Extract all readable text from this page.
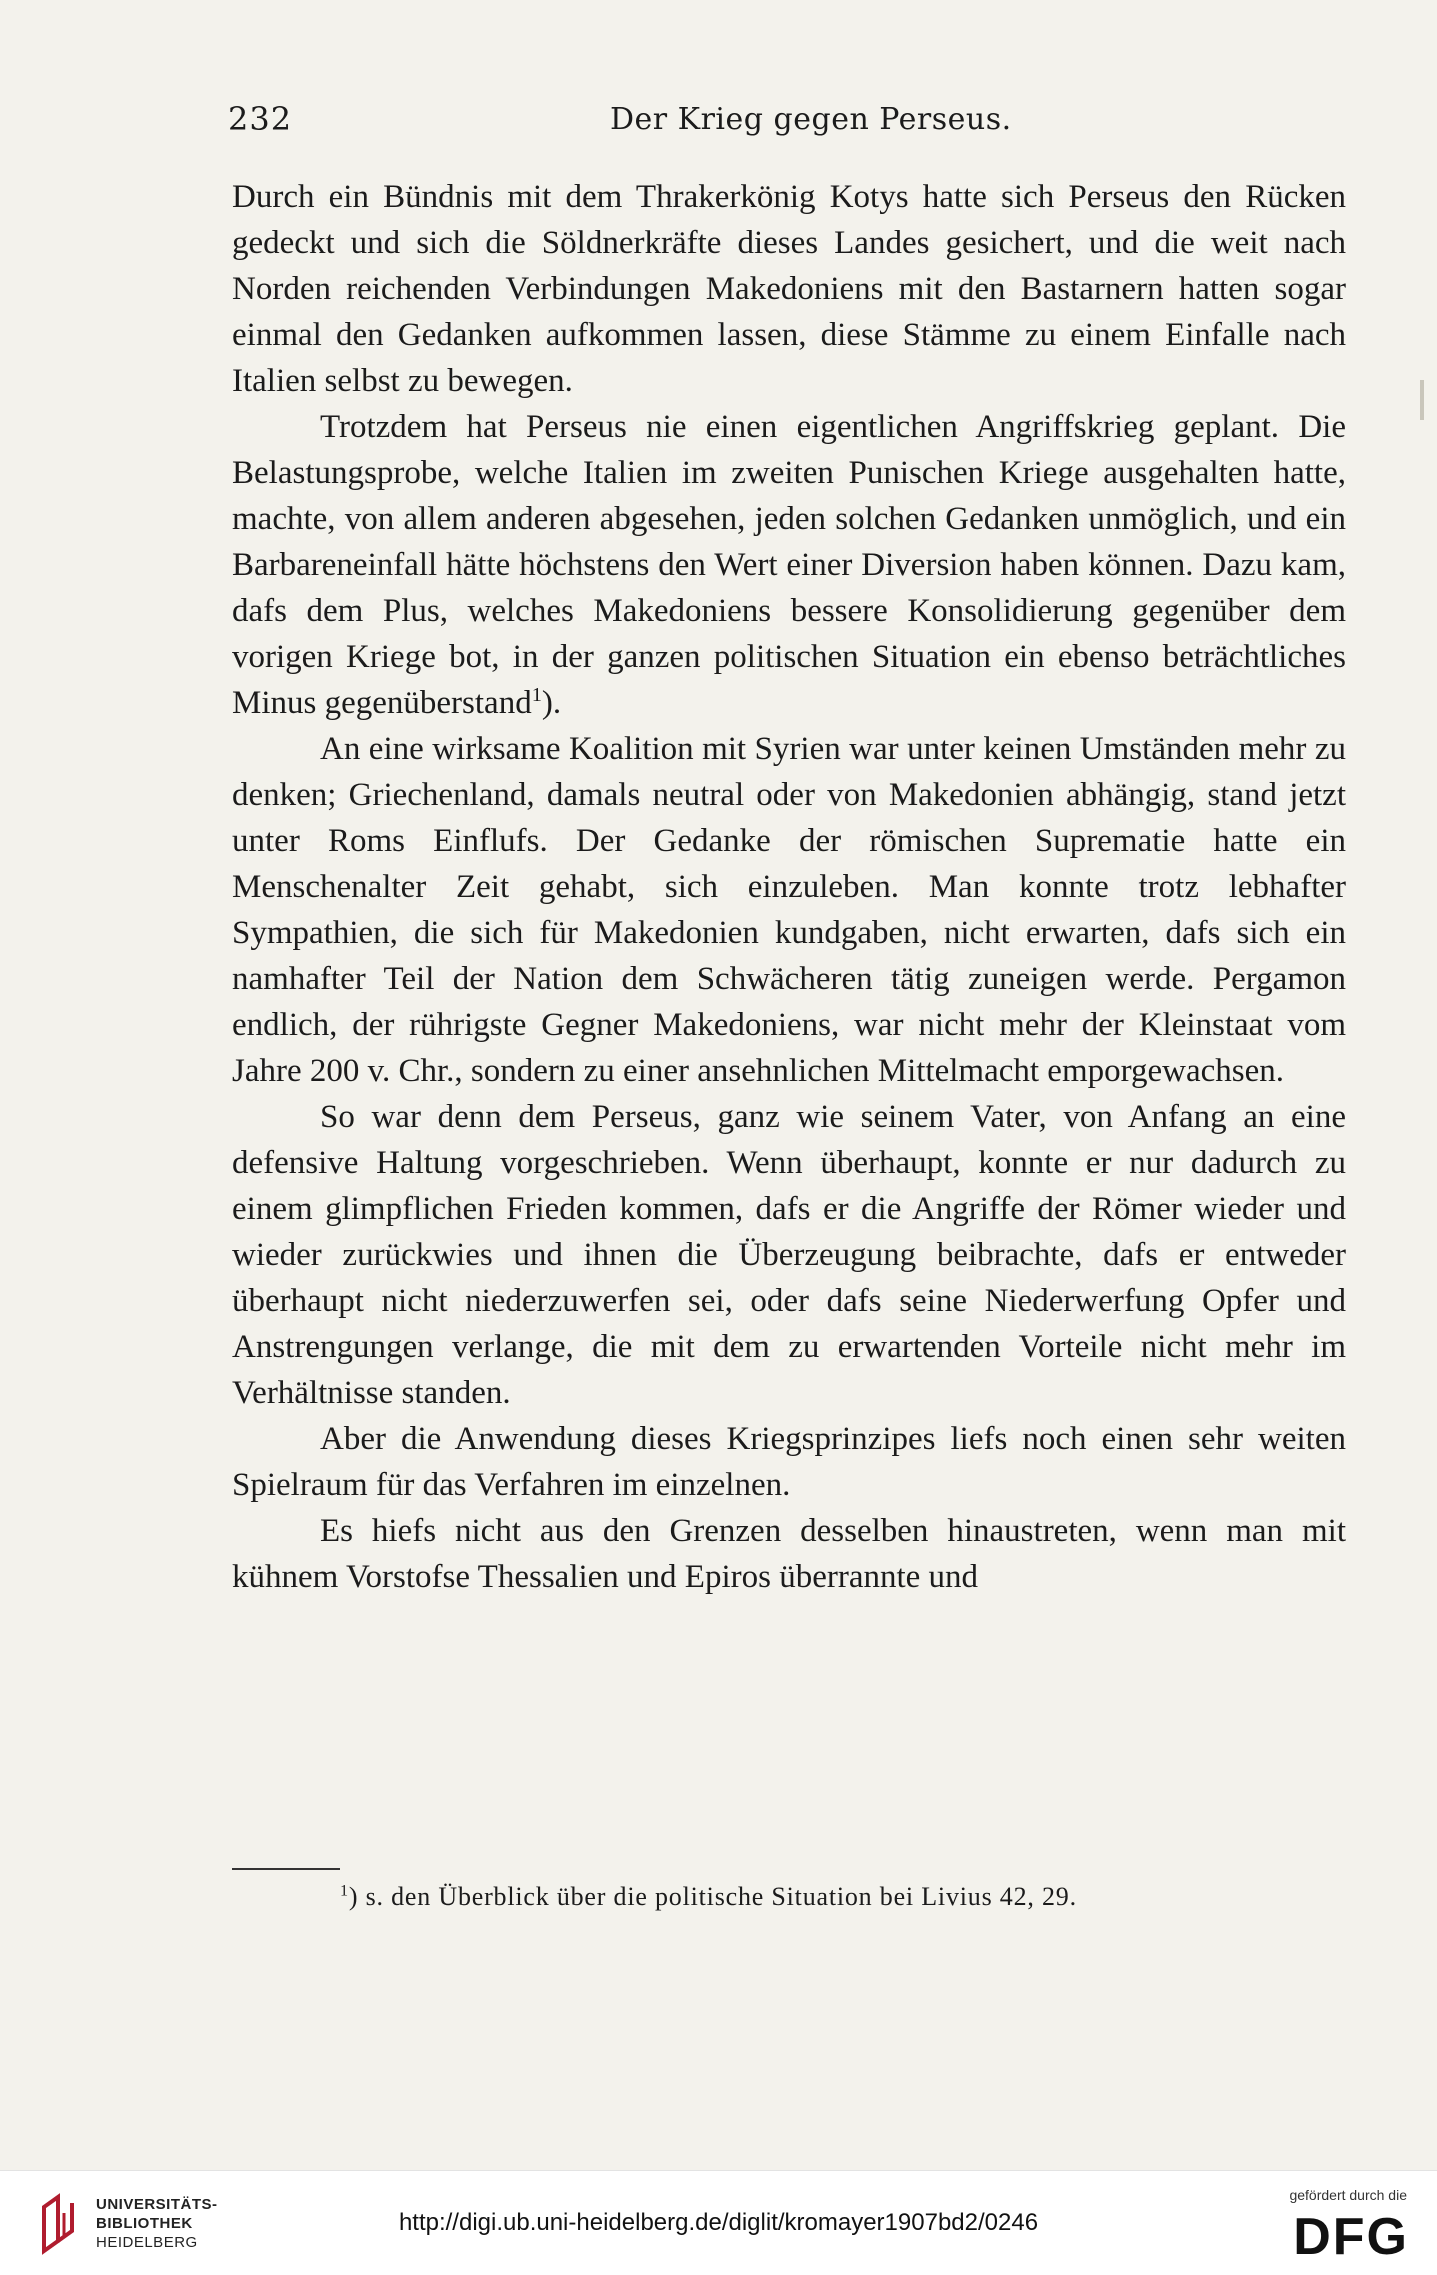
232	Der Krieg gegen Perseus.

Durch ein Bündnis mit dem Thrakerkönig Kotys hatte sich Perseus den Rücken gedeckt und sich die Söldnerkräfte dieses Landes gesichert, und die weit nach Norden reichenden Verbindungen Makedoniens mit den Bastarnern hatten sogar einmal den Gedanken aufkommen lassen, diese Stämme zu einem Einfalle nach Italien selbst zu bewegen.

Trotzdem hat Perseus nie einen eigentlichen Angriffskrieg geplant. Die Belastungsprobe, welche Italien im zweiten Punischen Kriege ausgehalten hatte, machte, von allem anderen abgesehen, jeden solchen Gedanken unmöglich, und ein Barbareneinfall hätte höchstens den Wert einer Diversion haben können. Dazu kam, dafs dem Plus, welches Makedoniens bessere Konsolidierung gegenüber dem vorigen Kriege bot, in der ganzen politischen Situation ein ebenso beträchtliches Minus gegenüberstand$^1$).

An eine wirksame Koalition mit Syrien war unter keinen Umständen mehr zu denken; Griechenland, damals neutral oder von Makedonien abhängig, stand jetzt unter Roms Einflufs. Der Gedanke der römischen Suprematie hatte ein Menschenalter Zeit gehabt, sich einzuleben. Man konnte trotz lebhafter Sympathien, die sich für Makedonien kundgaben, nicht erwarten, dafs sich ein namhafter Teil der Nation dem Schwächeren tätig zuneigen werde. Pergamon endlich, der rührigste Gegner Makedoniens, war nicht mehr der Kleinstaat vom Jahre 200 v. Chr., sondern zu einer ansehnlichen Mittelmacht emporgewachsen.

So war denn dem Perseus, ganz wie seinem Vater, von Anfang an eine defensive Haltung vorgeschrieben. Wenn überhaupt, konnte er nur dadurch zu einem glimpflichen Frieden kommen, dafs er die Angriffe der Römer wieder und wieder zurückwies und ihnen die Überzeugung beibrachte, dafs er entweder überhaupt nicht niederzuwerfen sei, oder dafs seine Niederwerfung Opfer und Anstrengungen verlange, die mit dem zu erwartenden Vorteile nicht mehr im Verhältnisse standen.

Aber die Anwendung dieses Kriegsprinzipes liefs noch einen sehr weiten Spielraum für das Verfahren im einzelnen.

Es hiefs nicht aus den Grenzen desselben hinaustreten, wenn man mit kühnem Vorstofse Thessalien und Epiros überrannte und

$^1$) s. den Überblick über die politische Situation bei Livius 42, 29.
UNIVERSITÄTS-
BIBLIOTHEK
HEIDELBERG
http://digi.ub.uni-heidelberg.de/diglit/kromayer1907bd2/0246
gefördert durch die
DFG
